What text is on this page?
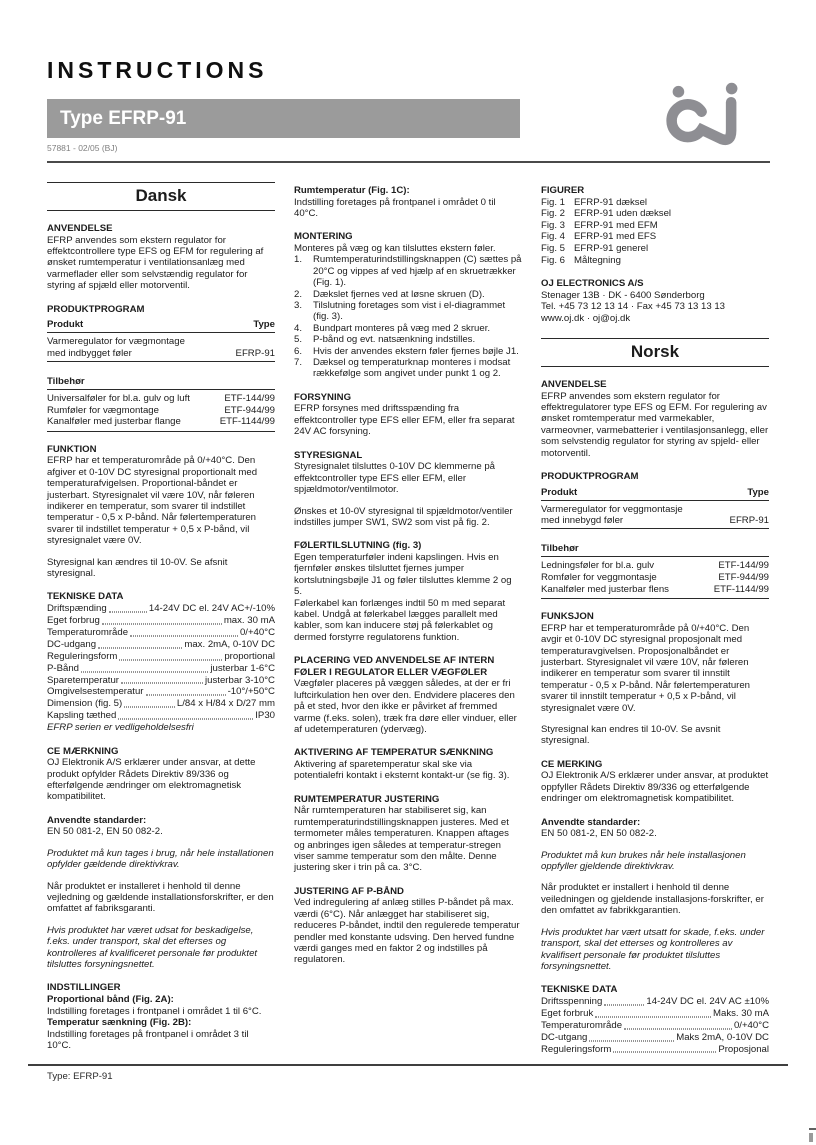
INSTRUCTIONS
Type EFRP-91
57881 - 02/05 (BJ)
Dansk
ANVENDELSE

EFRP anvendes som ekstern regulator for effektcontrollere type EFS og EFM for regulering af ønsket rumtemperatur i ventilationsanlæg med varmeflader eller som selvstændig regulator for styring af spjæld eller motorventil.

PRODUKTPROGRAM
Produkt	Type
Varmeregulator for vægmontage med indbygget føler	EFRP-91
Tilbehør
Universalføler for bl.a. gulv og luft	ETF-144/99
Rumføler for vægmontage	ETF-944/99
Kanalføler med justerbar flange	ETF-1144/99
FUNKTION

EFRP har et temperaturområde på 0/+40°C. Den afgiver et 0-10V DC styresignal proportionalt med temperaturafvigelsen. Proportional-båndet er justerbart. Styresignalet vil være 10V, når føleren indikerer en temperatur, som svarer til indstillet temperatur - 0,5 x P-bånd. Når følertemperaturen svarer til indstillet temperatur + 0,5 x P-bånd, vil styresignalet være 0V.

Styresignal kan ændres til 10-0V. Se afsnit styresignal.

TEKNISKE DATA
Driftspænding	14-24V DC el. 24V AC+/-10%
Eget forbrug	max. 30 mA
Temperaturområde	0/+40°C
DC-udgang	max. 2mA, 0-10V DC
Reguleringsform	proportional
P-Bånd	justerbar 1-6°C
Sparetemperatur	justerbar 3-10°C
Omgivelsestemperatur	-10°/+50°C
Dimension (fig. 5)	L/84 x H/84 x D/27 mm
Kapsling tæthed	IP30

EFRP serien er vedligeholdelsesfri

CE MÆRKNING

OJ Elektronik A/S erklærer under ansvar, at dette produkt opfylder Rådets Direktiv 89/336 og efterfølgende ændringer om elektromagnetisk kompatibilitet.

Anvendte standarder:

EN 50 081-2, EN 50 082-2.

Produktet må kun tages i brug, når hele installationen opfylder gældende direktivkrav.

Når produktet er installeret i henhold til denne vejledning og gældende installationsforskrifter, er den omfattet af fabriksgaranti.

Hvis produktet har været udsat for beskadigelse, f.eks. under transport, skal det efterses og kontrolleres af kvalificeret personale før produktet tilsluttes forsyningsnettet.

INDSTILLINGER
Proportional bånd (Fig. 2A):

Indstilling foretages i frontpanel i området 1 til 6°C.

Temperatur sænkning (Fig. 2B):

Indstilling foretages på frontpanel i området 3 til 10°C.

Rumtemperatur (Fig. 1C):

Indstilling foretages på frontpanel i området 0 til 40°C.

MONTERING

Monteres på væg og kan tilsluttes ekstern føler.

1.	Rumtemperaturindstillingsknappen (C) sættes på 20°C og vippes af ved hjælp af en skruetrækker (Fig. 1).
2.	Dækslet fjernes ved at løsne skruen (D).
3.	Tilslutning foretages som vist i el-diagrammet (fig. 3).
4.	Bundpart monteres på væg med 2 skruer.
5.	P-bånd og evt. natsænkning indstilles.
6.	Hvis der anvendes ekstern føler fjernes bøjle J1.
7.	Dæksel og temperaturknap monteres i modsat rækkefølge som angivet under punkt 1 og 2.
FORSYNING

EFRP forsynes med driftsspænding fra effektcontroller type EFS eller EFM, eller fra separat 24V AC forsyning.

STYRESIGNAL

Styresignalet tilsluttes 0-10V DC klemmerne på effektcontroller type EFS eller EFM, eller spjældmotor/ventilmotor.

Ønskes et 10-0V styresignal til spjældmotor/ventiler indstilles jumper SW1, SW2 som vist på fig. 2.

FØLERTILSLUTNING (fig. 3)

Egen temperaturføler indeni kapslingen. Hvis en fjernføler ønskes tilsluttet fjernes jumper kortslutningsbøjle J1 og føler tilsluttes klemme 2 og 5.

Følerkabel kan forlænges indtil 50 m med separat kabel. Undgå at følerkabel lægges parallelt med kabler, som kan inducere støj på følerkablet og dermed forstyrre regulatorens funktion.

PLACERING VED ANVENDELSE AF INTERN FØLER I REGULATOR ELLER VÆGFØLER

Vægføler placeres på væggen således, at der er fri luftcirkulation hen over den. Endvidere placeres den på et sted, hvor den ikke er påvirket af fremmed varme (f.eks. solen), træk fra døre eller vinduer, eller af udetemperaturen (ydervæg).

AKTIVERING AF TEMPERATUR SÆNKNING

Aktivering af sparetemperatur skal ske via potentialefri kontakt i eksternt kontakt-ur (se fig. 3).

RUMTEMPERATUR JUSTERING

Når rumtemperaturen har stabiliseret sig, kan rumtemperaturindstillingsknappen justeres. Med et termometer måles temperaturen. Knappen aftages og anbringes igen således at temperatur-stregen viser samme temperatur som den målte. Denne justering sker i trin på ca. 3°C.

JUSTERING AF P-BÅND

Ved indregulering af anlæg stilles P-båndet på max. værdi (6°C). Når anlægget har stabiliseret sig, reduceres P-båndet, indtil den regulerede temperatur pendler med konstante udsving. Den herved fundne værdi ganges med en faktor 2 og indstilles på regulatoren.

FIGURER
Fig. 1 EFRP-91 dæksel
Fig. 2 EFRP-91 uden dæksel
Fig. 3 EFRP-91 med EFM
Fig. 4 EFRP-91 med EFS
Fig. 5 EFRP-91 generel
Fig. 6 Måltegning
OJ ELECTRONICS A/S
Stenager 13B · DK - 6400 Sønderborg
Tel. +45 73 12 13 14 · Fax +45 73 13 13 13
www.oj.dk · oj@oj.dk
Norsk
ANVENDELSE

EFRP anvendes som ekstern regulator for effektregulatorer type EFS og EFM. For regulering av ønsket romtemperatur med varmekabler, varmeovner, varmebatterier i ventilasjonsanlegg, eller som selvstendig regulator for styring av spjeld- eller motorventil.

PRODUKTPROGRAM
Produkt	Type
Varmeregulator for veggmontasje med innebygd føler	EFRP-91
Tilbehør
Ledningsføler for bl.a. gulv	ETF-144/99
Romføler for veggmontasje	ETF-944/99
Kanalføler med justerbar flens	ETF-1144/99
FUNKSJON

EFRP har et temperaturområde på 0/+40°C. Den avgir et 0-10V DC styresignal proposjonalt med temperaturavgivelsen. Proposjonalbåndet er justerbart. Styresignalet vil være 10V, når føleren indikerer en temperatur som svarer til innstilt temperatur - 0,5 x P-bånd. Når følertemperaturen svarer til innstilt temperatur + 0,5 x P-bånd, vil styresignalet være 0V.

Styresignal kan endres til 10-0V. Se avsnit styresignal.

CE MERKING

OJ Elektronik A/S erklærer under ansvar, at produktet oppfyller Rådets Direktiv 89/336 og etterfølgende endringer om elektromagnetisk kompatibilitet.

Anvendte standarder:

EN 50 081-2, EN 50 082-2.

Produktet må kun brukes når hele installasjonen oppfyller gjeldende direktivkrav.

Når produktet er installert i henhold til denne veiledningen og gjeldende installasjons-forskrifter, er den omfattet av fabrikkgarantien.

Hvis produktet har vært utsatt for skade, f.eks. under transport, skal det etterses og kontrolleres av kvalifisert personale før produktet tilsluttes forsyningsnettet.

TEKNISKE DATA
Driftsspenning	14-24V DC el. 24V AC ±10%
Eget forbruk	Maks. 30 mA
Temperaturområde	0/+40°C
DC-utgang	Maks 2mA, 0-10V DC
Reguleringsform	Proposjonal
Type: EFRP-91
